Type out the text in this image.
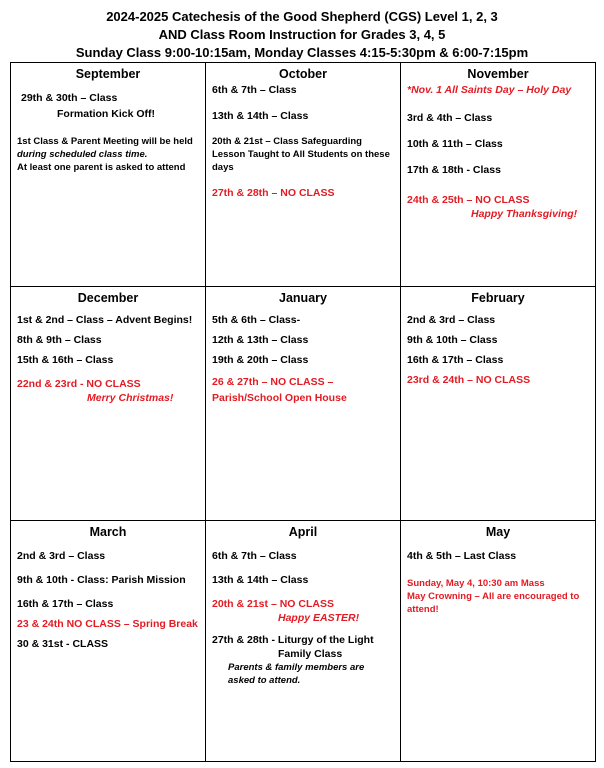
2024-2025 Catechesis of the Good Shepherd (CGS) Level 1, 2, 3
AND Class Room Instruction for Grades 3, 4, 5
Sunday Class 9:00-10:15am, Monday Classes 4:15-5:30pm & 6:00-7:15pm
September
29th & 30th – Class
Formation Kick Off!
1st Class & Parent Meeting will be held
during scheduled class time.
At least one parent is asked to attend
October
6th & 7th – Class
13th & 14th – Class
20th & 21st – Class Safeguarding Lesson Taught to All Students on these days
27th & 28th – NO CLASS
November
*Nov. 1 All Saints Day – Holy Day
3rd & 4th – Class
10th & 11th – Class
17th & 18th - Class
24th & 25th – NO CLASS
Happy Thanksgiving!
December
1st & 2nd – Class – Advent Begins!
8th & 9th – Class
15th & 16th – Class
22nd & 23rd - NO CLASS
Merry Christmas!
January
5th & 6th – Class-
12th & 13th – Class
19th & 20th – Class
26 & 27th – NO CLASS –
Parish/School Open House
February
2nd & 3rd – Class
9th & 10th – Class
16th & 17th – Class
23rd & 24th – NO CLASS
March
2nd & 3rd – Class
9th & 10th - Class: Parish Mission
16th & 17th – Class
23 & 24th NO CLASS – Spring Break
30 & 31st - CLASS
April
6th & 7th – Class
13th & 14th – Class
20th & 21st – NO CLASS
Happy EASTER!
27th & 28th - Liturgy of the Light
Family Class
Parents & family members are asked to attend.
May
4th & 5th – Last Class
Sunday, May 4, 10:30 am Mass
May Crowning – All are encouraged to attend!
